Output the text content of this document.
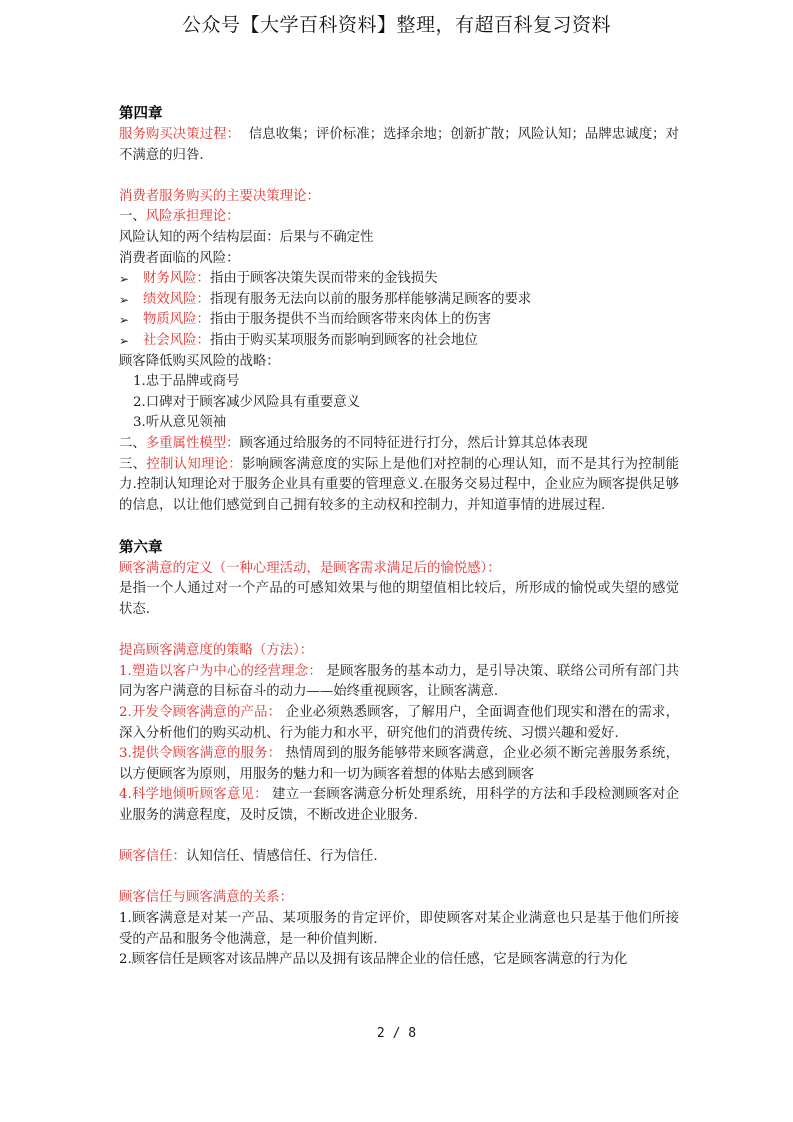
公众号【大学百科资料】整理，有超百科复习资料
第四章
服务购买决策过程： 信息收集；评价标准；选择余地；创新扩散；风险认知；品牌忠诚度；对不满意的归咎.
消费者服务购买的主要决策理论：
一、风险承担理论：
风险认知的两个结构层面：后果与不确定性
消费者面临的风险：
➢ 财务风险：指由于顾客决策失误而带来的金钱损失
➢ 绩效风险：指现有服务无法向以前的服务那样能够满足顾客的要求
➢ 物质风险：指由于服务提供不当而给顾客带来肉体上的伤害
➢ 社会风险：指由于购买某项服务而影响到顾客的社会地位
顾客降低购买风险的战略：
1.忠于品牌或商号
2.口碑对于顾客减少风险具有重要意义
3.听从意见领袖
二、多重属性模型：顾客通过给服务的不同特征进行打分，然后计算其总体表现
三、控制认知理论：影响顾客满意度的实际上是他们对控制的心理认知，而不是其行为控制能力.控制认知理论对于服务企业具有重要的管理意义.在服务交易过程中，企业应为顾客提供足够的信息，以让他们感觉到自己拥有较多的主动权和控制力，并知道事情的进展过程.
第六章
顾客满意的定义（一种心理活动，是顾客需求满足后的愉悦感）：
是指一个人通过对一个产品的可感知效果与他的期望值相比较后，所形成的愉悦或失望的感觉状态.
提高顾客满意度的策略（方法）：
1.塑造以客户为中心的经营理念： 是顾客服务的基本动力，是引导决策、联络公司所有部门共同为客户满意的目标奋斗的动力——始终重视顾客，让顾客满意.
2.开发令顾客满意的产品： 企业必须熟悉顾客，了解用户，全面调查他们现实和潜在的需求，深入分析他们的购买动机、行为能力和水平，研究他们的消费传统、习惯兴趣和爱好.
3.提供令顾客满意的服务： 热情周到的服务能够带来顾客满意，企业必须不断完善服务系统，以方便顾客为原则，用服务的魅力和一切为顾客着想的体贴去感到顾客
4.科学地倾听顾客意见： 建立一套顾客满意分析处理系统，用科学的方法和手段检测顾客对企业服务的满意程度，及时反馈，不断改进企业服务.
顾客信任：认知信任、情感信任、行为信任.
顾客信任与顾客满意的关系：
1.顾客满意是对某一产品、某项服务的肯定评价，即使顾客对某企业满意也只是基于他们所接受的产品和服务令他满意，是一种价值判断.
2.顾客信任是顾客对该品牌产品以及拥有该品牌企业的信任感，它是顾客满意的行为化
2 / 8
